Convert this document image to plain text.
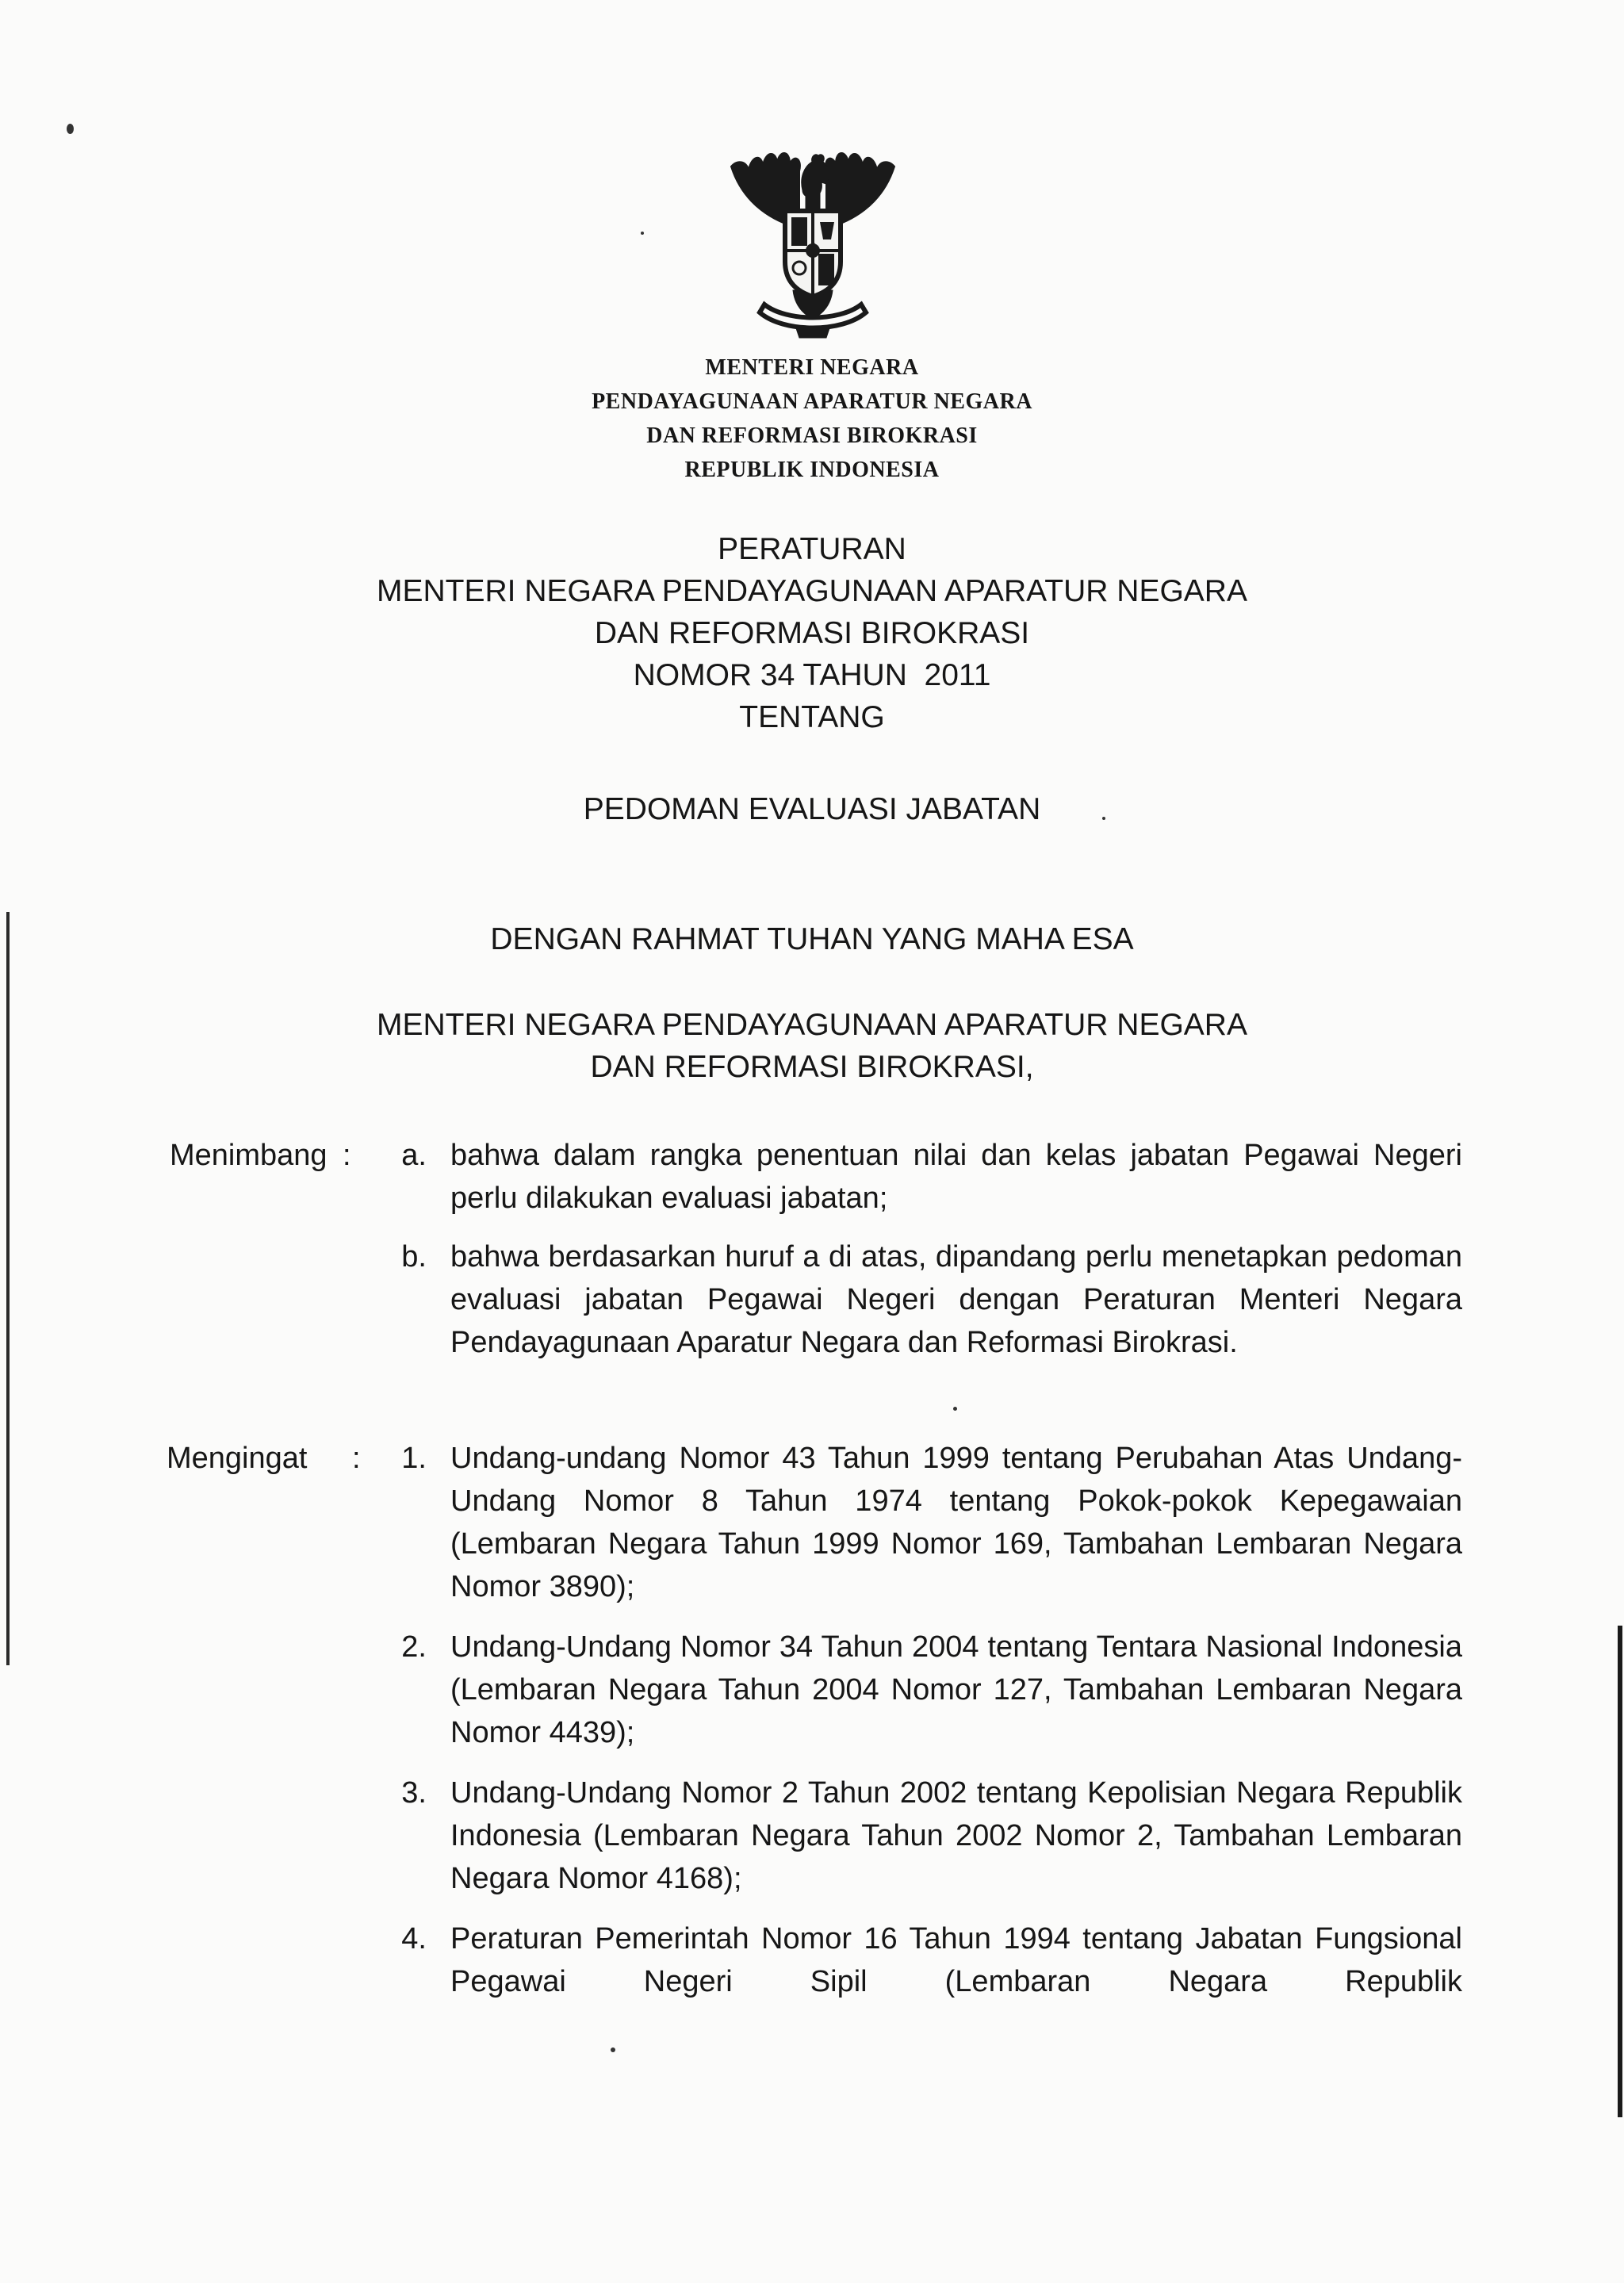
MENTERI NEGARA
PENDAYAGUNAAN APARATUR NEGARA
DAN REFORMASI BIROKRASI
REPUBLIK INDONESIA
PERATURAN
MENTERI NEGARA PENDAYAGUNAAN APARATUR NEGARA
DAN REFORMASI BIROKRASI
NOMOR 34 TAHUN  2011
TENTANG
PEDOMAN EVALUASI JABATAN
DENGAN RAHMAT TUHAN YANG MAHA ESA
MENTERI NEGARA PENDAYAGUNAAN APARATUR NEGARA
DAN REFORMASI BIROKRASI,
Menimbang : a. bahwa dalam rangka penentuan nilai dan kelas jabatan Pegawai Negeri perlu dilakukan evaluasi jabatan;
b. bahwa berdasarkan huruf a di atas, dipandang perlu menetapkan pedoman evaluasi jabatan Pegawai Negeri dengan Peraturan Menteri Negara Pendayagunaan Aparatur Negara dan Reformasi Birokrasi.
Mengingat : 1. Undang-undang Nomor 43 Tahun 1999 tentang Perubahan Atas Undang-Undang Nomor 8 Tahun 1974 tentang Pokok-pokok Kepegawaian (Lembaran Negara Tahun 1999 Nomor 169, Tambahan Lembaran Negara Nomor 3890);
2. Undang-Undang Nomor 34 Tahun 2004 tentang Tentara Nasional Indonesia (Lembaran Negara Tahun 2004 Nomor 127, Tambahan Lembaran Negara Nomor 4439);
3. Undang-Undang Nomor 2 Tahun 2002 tentang Kepolisian Negara Republik Indonesia (Lembaran Negara Tahun 2002 Nomor 2, Tambahan Lembaran Negara Nomor 4168);
4. Peraturan Pemerintah Nomor 16 Tahun 1994 tentang Jabatan Fungsional Pegawai Negeri Sipil (Lembaran Negara Republik
